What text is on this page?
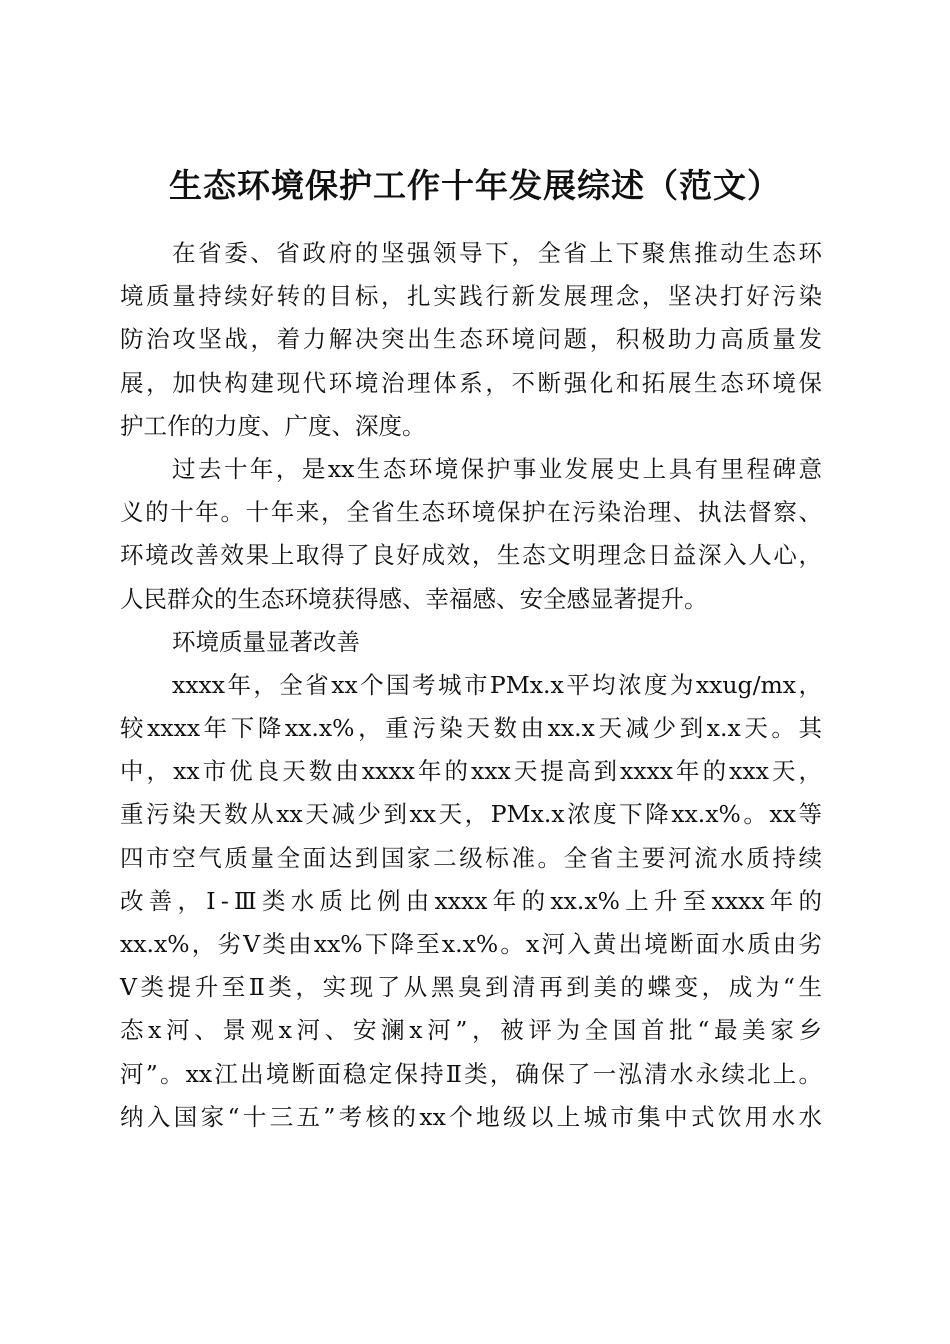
生态环境保护工作十年发展综述（范文）
在省委、省政府的坚强领导下，全省上下聚焦推动生态环
境质量持续好转的目标，扎实践行新发展理念，坚决打好污染
防治攻坚战，着力解决突出生态环境问题，积极助力高质量发
展，加快构建现代环境治理体系，不断强化和拓展生态环境保
护工作的力度、广度、深度。
过去十年，是xx生态环境保护事业发展史上具有里程碑意
义的十年。十年来，全省生态环境保护在污染治理、执法督察、
环境改善效果上取得了良好成效，生态文明理念日益深入人心，
人民群众的生态环境获得感、幸福感、安全感显著提升。
环境质量显著改善
xxxx年，全省xx个国考城市PMx.x平均浓度为xxug/mx，
较xxxx年下降xx.x%，重污染天数由xx.x天减少到x.x天。其
中，xx市优良天数由xxxx年的xxx天提高到xxxx年的xxx天，
重污染天数从xx天减少到xx天，PMx.x浓度下降xx.x%。xx等
四市空气质量全面达到国家二级标准。全省主要河流水质持续
改善，Ⅰ-Ⅲ类水质比例由xxxx年的xx.x%上升至xxxx年的
xx.x%，劣Ⅴ类由xx%下降至x.x%。x河入黄出境断面水质由劣
Ⅴ类提升至Ⅱ类，实现了从黑臭到清再到美的蝶变，成为“生
态x河、景观x河、安澜x河”，被评为全国首批“最美家乡
河”。xx江出境断面稳定保持Ⅱ类，确保了一泓清水永续北上。
纳入国家“十三五”考核的xx个地级以上城市集中式饮用水水
